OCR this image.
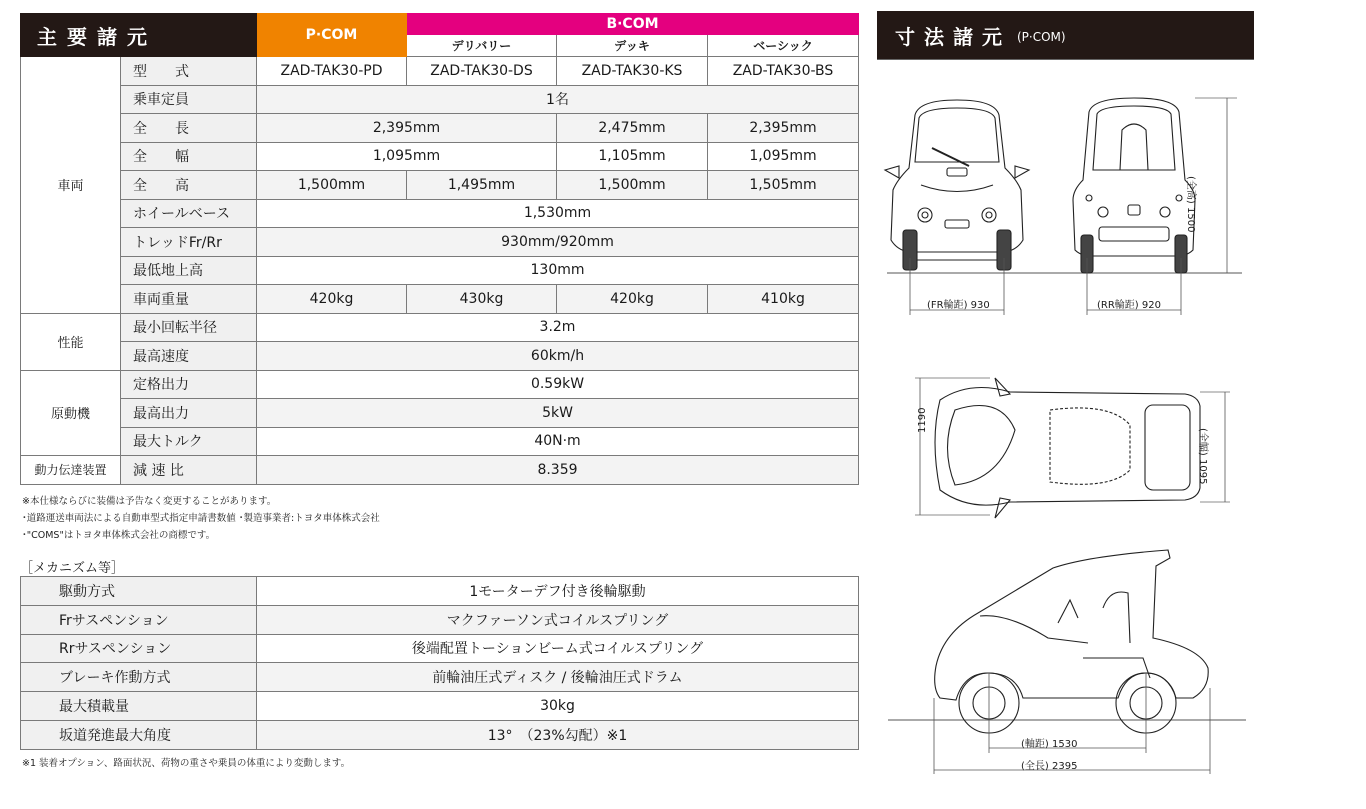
主要諸元		P·COM	B·COM		
			デリバリー	デッキ	ベーシック
車両	型　　式	ZAD-TAK30-PD	ZAD-TAK30-DS	ZAD-TAK30-KS	ZAD-TAK30-BS
	乗車定員	1名			
	全　　長	2,395mm		2,475mm	2,395mm
	全　　幅	1,095mm		1,105mm	1,095mm
	全　　高	1,500mm	1,495mm	1,500mm	1,505mm
	ホイールベース	1,530mm			
	トレッドFr/Rr	930mm/920mm			
	最低地上高	130mm			
	車両重量	420kg	430kg	420kg	410kg
性能	最小回転半径	3.2m			
	最高速度	60km/h			
原動機	定格出力	0.59kW			
	最高出力	5kW			
	最大トルク	40N·m			
動力伝達装置	減 速 比	8.359			
※本仕様ならびに装備は予告なく変更することがあります。
･道路運送車両法による自動車型式指定申請書数値 ･製造事業者:トヨタ車体株式会社
･"COMS"はトヨタ車体株式会社の商標です。
［メカニズム等］
駆動方式	1モーターデフ付き後輪駆動
Frサスペンション	マクファーソン式コイルスプリング
Rrサスペンション	後端配置トーションビーム式コイルスプリング
ブレーキ作動方式	前輪油圧式ディスク / 後輪油圧式ドラム
最大積載量	30kg
坂道発進最大角度	13°　（23%勾配）※1
※1 装着オプション、路面状況、荷物の重さや乗員の体重により変動します。
寸法諸元 (P·COM)
(FR輪距) 930	(RR輪距) 920
(全高) 1500
1190
(全幅) 1095
(軸距) 1530
(全長) 2395
